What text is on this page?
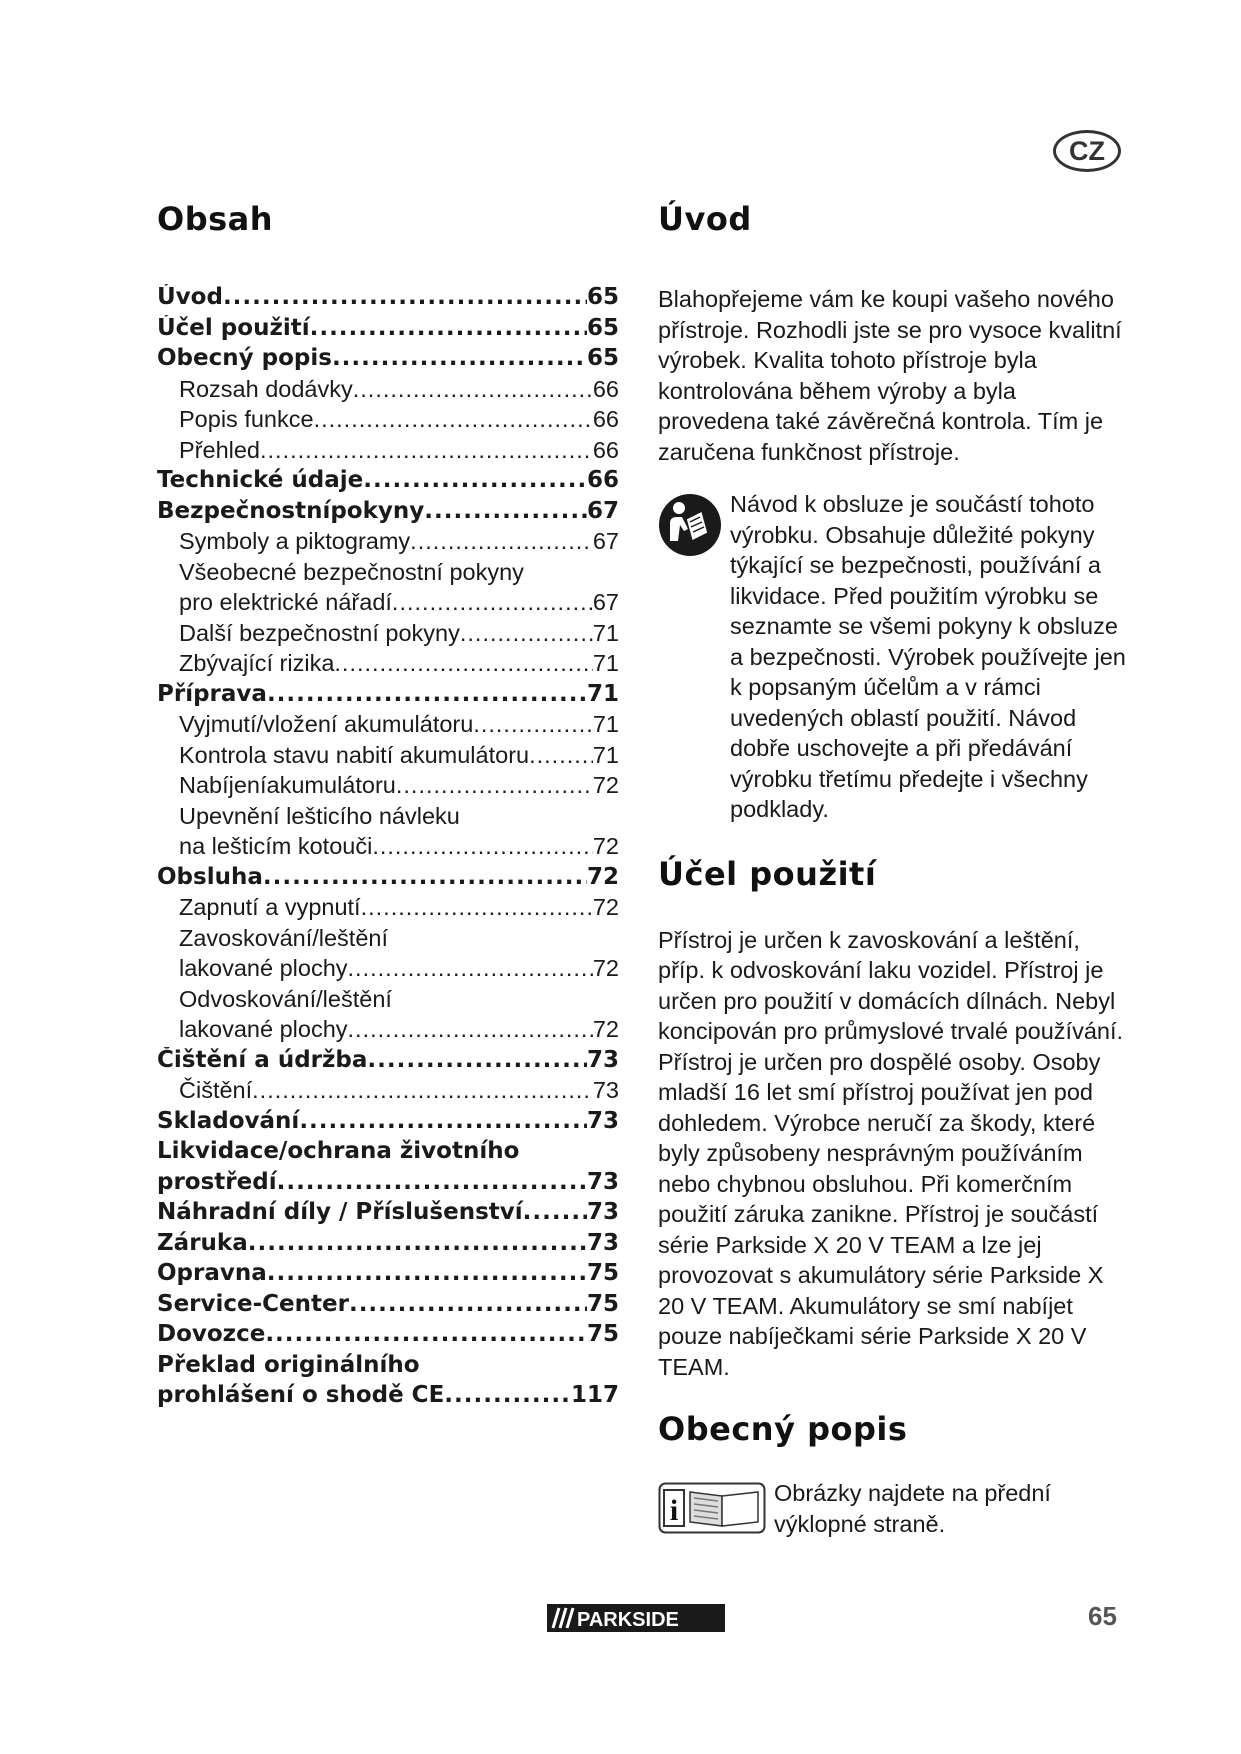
CZ
Obsah
Úvod .....	65
Účel použití .....	65
Obecný popis .....	65
Rozsah dodávky .....	66
Popis funkce .....	66
Přehled .....	66
Technické údaje .....	66
Bezpečnostnípokyny .....	67
Symboly a piktogramy .....	67
Všeobecné bezpečnostní pokyny
pro elektrické nářadí .....	67
Další bezpečnostní pokyny .....	71
Zbývající rizika .....	71
Příprava .....	71
Vyjmutí/vložení akumulátoru .....	71
Kontrola stavu nabití akumulátoru .....	71
Nabíjeníakumulátoru .....	72
Upevnění lešticího návleku
na lešticím kotouči .....	72
Obsluha .....	72
Zapnutí a vypnutí .....	72
Zavoskování/leštění
lakované plochy .....	72
Odvoskování/leštění
lakované plochy .....	72
Čištění a údržba .....	73
Čištění .....	73
Skladování .....	73
Likvidace/ochrana životního
prostředí .....	73
Náhradní díly / Příslušenství .....	73
Záruka .....	73
Opravna .....	75
Service-Center .....	75
Dovozce .....	75
Překlad originálního
prohlášení o shodě CE .....	117
Úvod

Blahopřejeme vám ke koupi vašeho nového přístroje. Rozhodli jste se pro vysoce kvalitní výrobek. Kvalita tohoto přístroje byla kontrolována během výroby a byla provedena také závěrečná kontrola. Tím je zaručena funkčnost přístroje.

Návod k obsluze je součástí tohoto výrobku. Obsahuje důležité pokyny týkající se bezpečnosti, používání a likvidace. Před použitím výrobku se seznamte se všemi pokyny k obsluze a bezpečnosti. Výrobek používejte jen k popsaným účelům a v rámci uvedených oblastí použití. Návod dobře uschovejte a při předávání výrobku třetímu předejte i všechny podklady.

Účel použití

Přístroj je určen k zavoskování a leštění, příp. k odvoskování laku vozidel. Přístroj je určen pro použití v domácích dílnách. Nebyl koncipován pro průmyslové trvalé používání. Přístroj je určen pro dospělé osoby. Osoby mladší 16 let smí přístroj používat jen pod dohledem. Výrobce neručí za škody, které byly způsobeny nesprávným používáním nebo chybnou obsluhou. Při komerčním použití záruka zanikne. Přístroj je součástí série Parkside X 20 V TEAM a lze jej provozovat s akumulátory série Parkside X 20 V TEAM. Akumulátory se smí nabíjet pouze nabíječkami série Parkside X 20 V TEAM.

Obecný popis
i

Obrázky najdete na přední výklopné straně.

PARKSIDE	65
